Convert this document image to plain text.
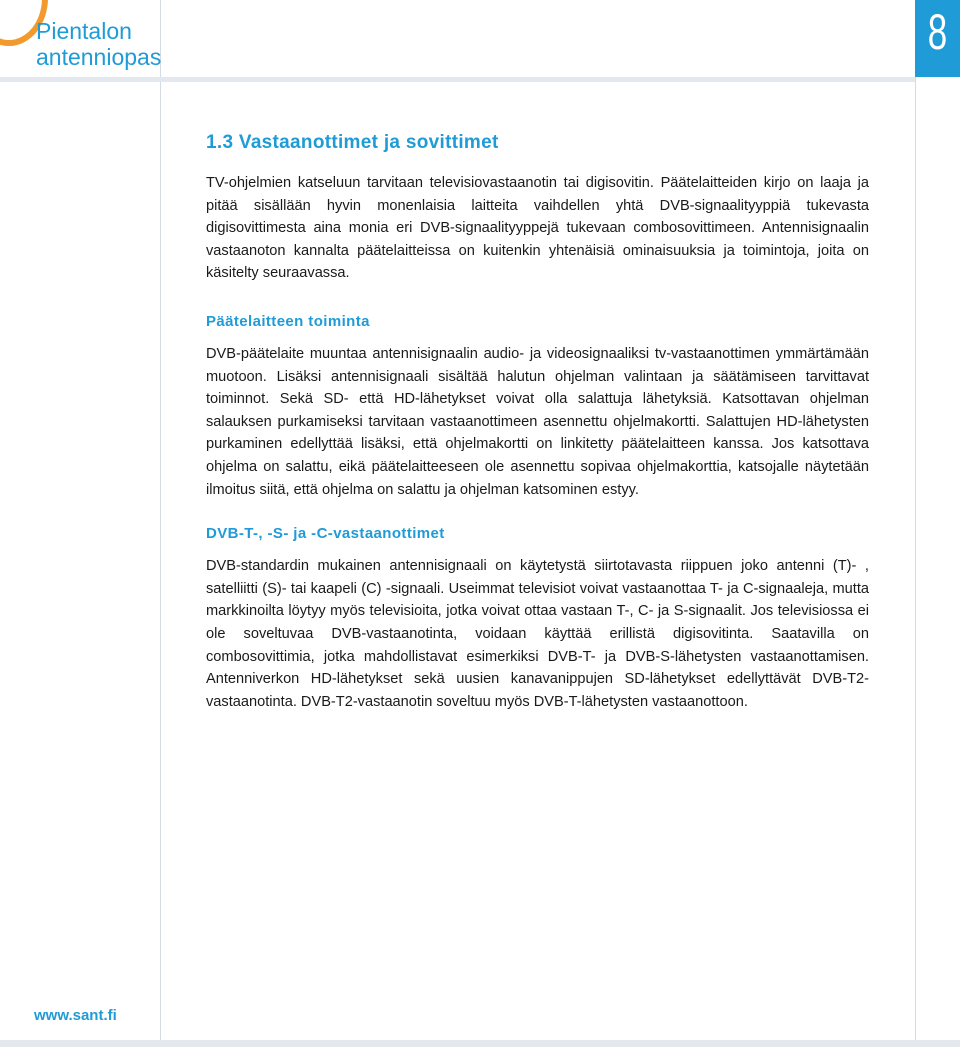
Pientalon
antenniopas	8
1.3 Vastaanottimet ja sovittimet

TV-ohjelmien katseluun tarvitaan televisiovastaanotin tai digisovitin. Päätelaitteiden kirjo on laaja ja pitää sisällään hyvin monenlaisia laitteita vaihdellen yhtä DVB-signaalityyppiä tukevasta digisovittimesta aina monia eri DVB-signaalityyppejä tukevaan combosovittimeen. Antennisignaalin vastaanoton kannalta päätelaitteissa on kuitenkin yhtenäisiä ominaisuuksia ja toimintoja, joita on käsitelty seuraavassa.

Päätelaitteen toiminta

DVB-päätelaite muuntaa antennisignaalin audio- ja videosignaaliksi tv-vastaanottimen ymmärtämään muotoon. Lisäksi antennisignaali sisältää halutun ohjelman valintaan ja säätämiseen tarvittavat toiminnot. Sekä SD- että HD-lähetykset voivat olla salattuja lähetyksiä. Katsottavan ohjelman salauksen purkamiseksi tarvitaan vastaanottimeen asennettu ohjelmakortti. Salattujen HD-lähetysten purkaminen edellyttää lisäksi, että ohjelmakortti on linkitetty päätelaitteen kanssa. Jos katsottava ohjelma on salattu, eikä päätelaitteeseen ole asennettu sopivaa ohjelmakorttia, katsojalle näytetään ilmoitus siitä, että ohjelma on salattu ja ohjelman katsominen estyy.

DVB-T-, -S- ja -C-vastaanottimet

DVB-standardin mukainen antennisignaali on käytetystä siirtotavasta riippuen joko antenni (T)- , satelliitti (S)- tai kaapeli (C) -signaali. Useimmat televisiot voivat vastaanottaa T- ja C-signaaleja, mutta markkinoilta löytyy myös televisioita, jotka voivat ottaa vastaan T-, C- ja S-signaalit. Jos televisiossa ei ole soveltuvaa DVB-vastaanotinta, voidaan käyttää erillistä digisovitinta. Saatavilla on combosovittimia, jotka mahdollistavat esimerkiksi DVB-T- ja DVB-S-lähetysten vastaanottamisen. Antenniverkon HD-lähetykset sekä uusien kanavanippujen SD-lähetykset edellyttävät DVB-T2-vastaanotinta. DVB-T2-vastaanotin soveltuu myös DVB-T-lähetysten vastaanottoon.

www.sant.fi
